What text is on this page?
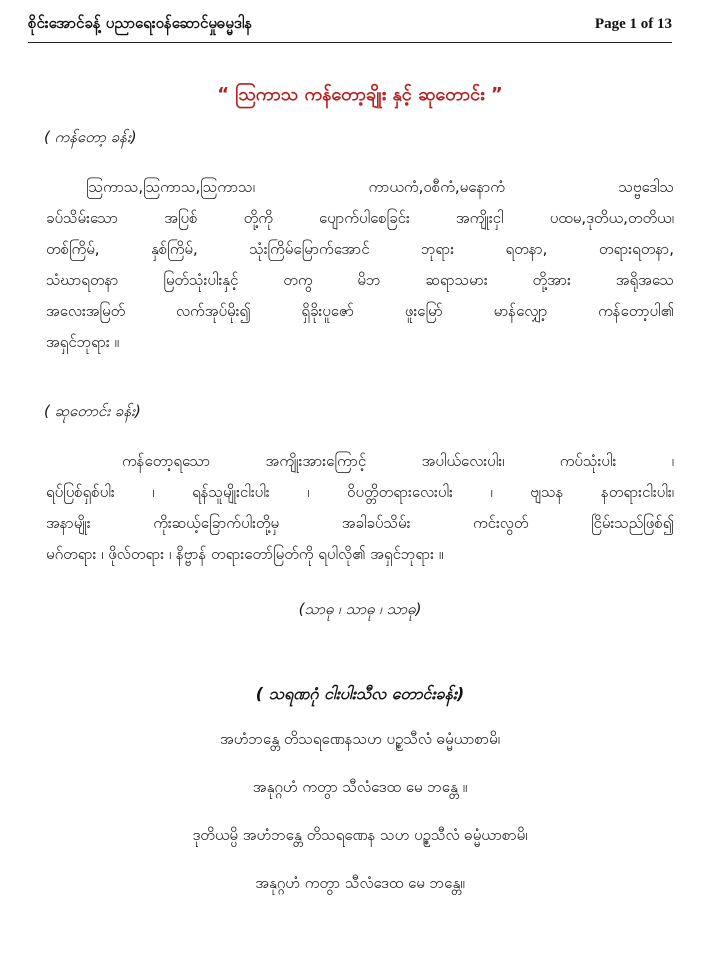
စိုင်းအောင်ခန့် ပညာရေးဝန်ဆောင်မှုဓမ္မဒါန	Page 1 of 13
“ ဩကာသ ကန်တော့ချိုး နှင့် ဆုတောင်း ”
( ကန်တော့ ခန်း)
ဩကာသ,ဩကာသ,ဩကာသ၊ ကာယကံ,ဝစီကံ,မနောကံ သဗ္ဗဒေါသ
ခပ်သိမ်းသော အပြစ် တို့ကို ပျောက်ပါစေခြင်း အကျိုးငှါ ပထမ,ဒုတိယ,တတိယ၊
တစ်ကြိမ်, နှစ်ကြိမ်, သုံးကြိမ်မြောက်အောင် ဘုရား ရတနာ, တရားရတနာ,
သံဃာရတနာ မြတ်သုံးပါးနှင့် တကွ မိဘ ဆရာသမား တို့အား အရိုအသေ
အလေးအမြတ် လက်အုပ်မိုး၍ ရှိခိုးပူဇော် ဖူးမြော် မာန်လျှော့ ကန်တော့ပါ၏
အရှင်ဘုရား ။
( ဆုတောင်း ခန်း)
ကန်တော့ရသော အကျိုးအားကြောင့် အပါယ်လေးပါး၊ ကပ်သုံးပါး ၊
ရပ်ပြစ်ရှစ်ပါး ၊ ရန်သူမျိုးငါးပါး ၊ ဝိပတ္တိတရားလေးပါး ၊ ဗျသန နတရားငါးပါး၊
အနာမျိုး ကိုးဆယ့်ခြောက်ပါးတို့မှ အခါခပ်သိမ်း ကင်းလွတ် ငြိမ်းသည်ဖြစ်၍
မဂ်တရား ၊ ဖိုလ်တရား ၊ နိဗ္ဗာန် တရားတော်မြတ်ကို ရပါလို၏ အရှင်ဘုရား ။
(သာဓု ၊ သာဓု ၊ သာဓု)
( သရဏဂုံ ငါးပါးသီလ တောင်းခန်း)
အဟံဘန္တေ တိသရဏေနသဟ ပဉ္စသီလံ ဓမ္မံယာစာမိ၊
အနုဂ္ဂဟံ ကတွာ သီလံဒေထ မေ ဘန္တေ ။
ဒုတိယမ္ပိ အဟံဘန္တေ တိသရဏေန သဟ ပဉ္စသီလံ ဓမ္မံယာစာမိ၊
အနုဂ္ဂဟံ ကတွာ သီလံဒေထ မေ ဘန္တေ။
